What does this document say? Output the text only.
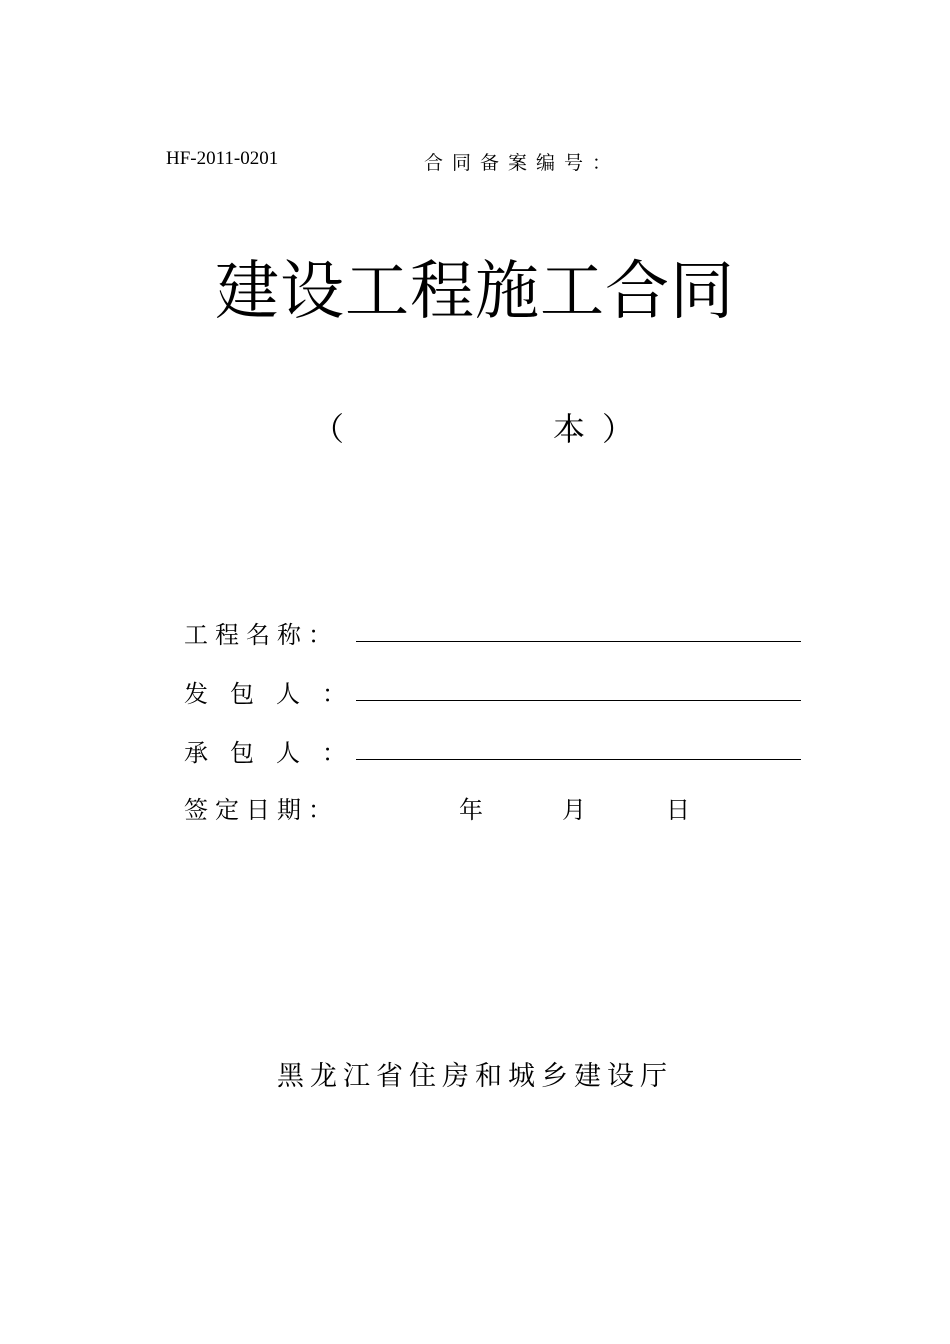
HF-2011-0201	合同备案编号：
建设工程施工合同
（	本 ）
工程名称：
发包人：
承包人：
签定日期：	年	月	日
黑龙江省住房和城乡建设厅
